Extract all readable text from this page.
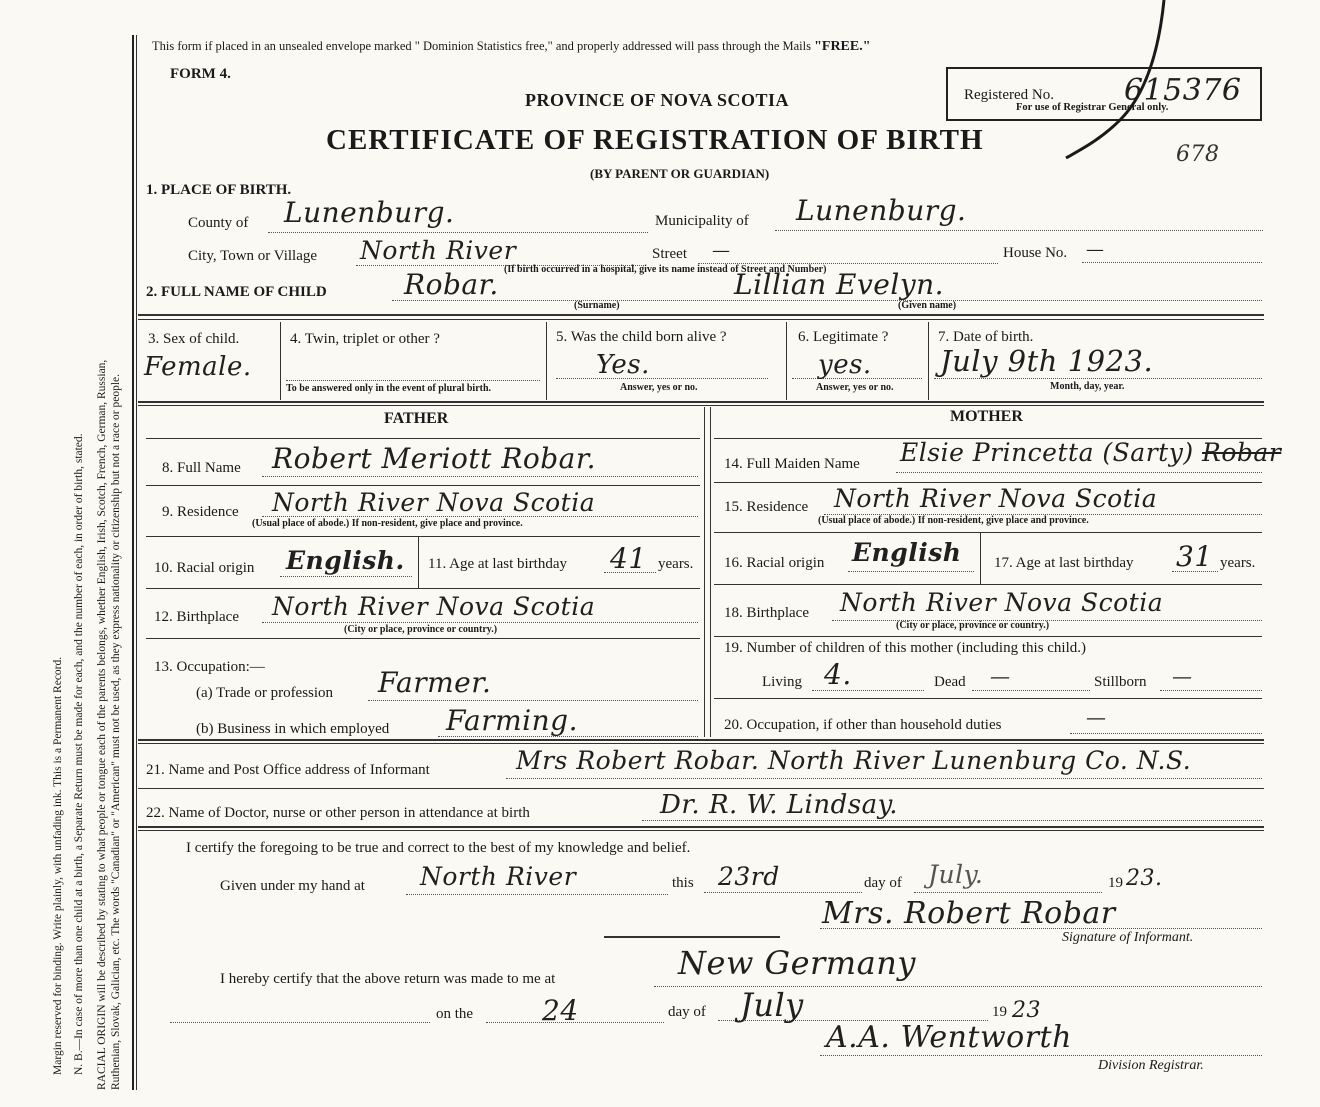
Margin reserved for binding. Write plainly, with unfading ink. This is a Permanent Record. N. B.—In case of more than one child at a birth, a Separate Return must be made for each, and the number of each, in order of birth, stated. RACIAL ORIGIN will be described by stating to what people or tongue each of the parents belongs, whether English, Irish, Scotch, French, German, Russian, Ruthenian, Slovak, Galician, etc. The words "Canadian" or "American" must not be used, as they express nationality or citizenship but not a race or people.
This form if placed in an unsealed envelope marked " Dominion Statistics free," and properly addressed will pass through the Mails "FREE."
FORM 4.
Registered No. 615376
For use of Registrar General only.
678
PROVINCE OF NOVA SCOTIA
CERTIFICATE OF REGISTRATION OF BIRTH
(BY PARENT OR GUARDIAN)
1. PLACE OF BIRTH.
County of Lunenburg.	Municipality of Lunenburg.
City, Town or Village North River	Street —	House No. —
(If birth occurred in a hospital, give its name instead of Street and Number)
2. FULL NAME OF CHILD	Robar.
(Surname)
Lillian Evelyn.
(Given name)
3. Sex of child.
Female.
4. Twin, triplet or other ?
To be answered only in the event of plural birth.
5. Was the child born alive ?
Yes.
Answer, yes or no.
6. Legitimate ?
yes.
Answer, yes or no.
7. Date of birth.
July 9th 1923.
Month, day, year.
FATHER	MOTHER
8. Full Name Robert Meriott Robar.
9. Residence North River Nova Scotia
(Usual place of abode.) If non-resident, give place and province.
10. Racial origin English. 11. Age at last birthday 41 years.
12. Birthplace North River Nova Scotia
(City or place, province or country.)
13. Occupation:—
(a) Trade or profession Farmer.
(b) Business in which employed Farming.
14. Full Maiden Name Elsie Princetta (Sarty) Robar
15. Residence North River Nova Scotia
(Usual place of abode.) If non-resident, give place and province.
16. Racial origin English 17. Age at last birthday 31 years.
18. Birthplace North River Nova Scotia
(City or place, province or country.)
19. Number of children of this mother (including this child.)
Living 4.	Dead —	Stillborn —
20. Occupation, if other than household duties	—
21. Name and Post Office address of Informant	Mrs Robert Robar. North River Lunenburg Co. N.S.
22. Name of Doctor, nurse or other person in attendance at birth	Dr. R. W. Lindsay.
I certify the foregoing to be true and correct to the best of my knowledge and belief.
Given under my hand at North River	this 23rd	day of July.	19 23.
Mrs. Robert Robar
Signature of Informant.
I hereby certify that the above return was made to me at	New Germany
on the 24	day of July	19 23
A.A. Wentworth
Division Registrar.
